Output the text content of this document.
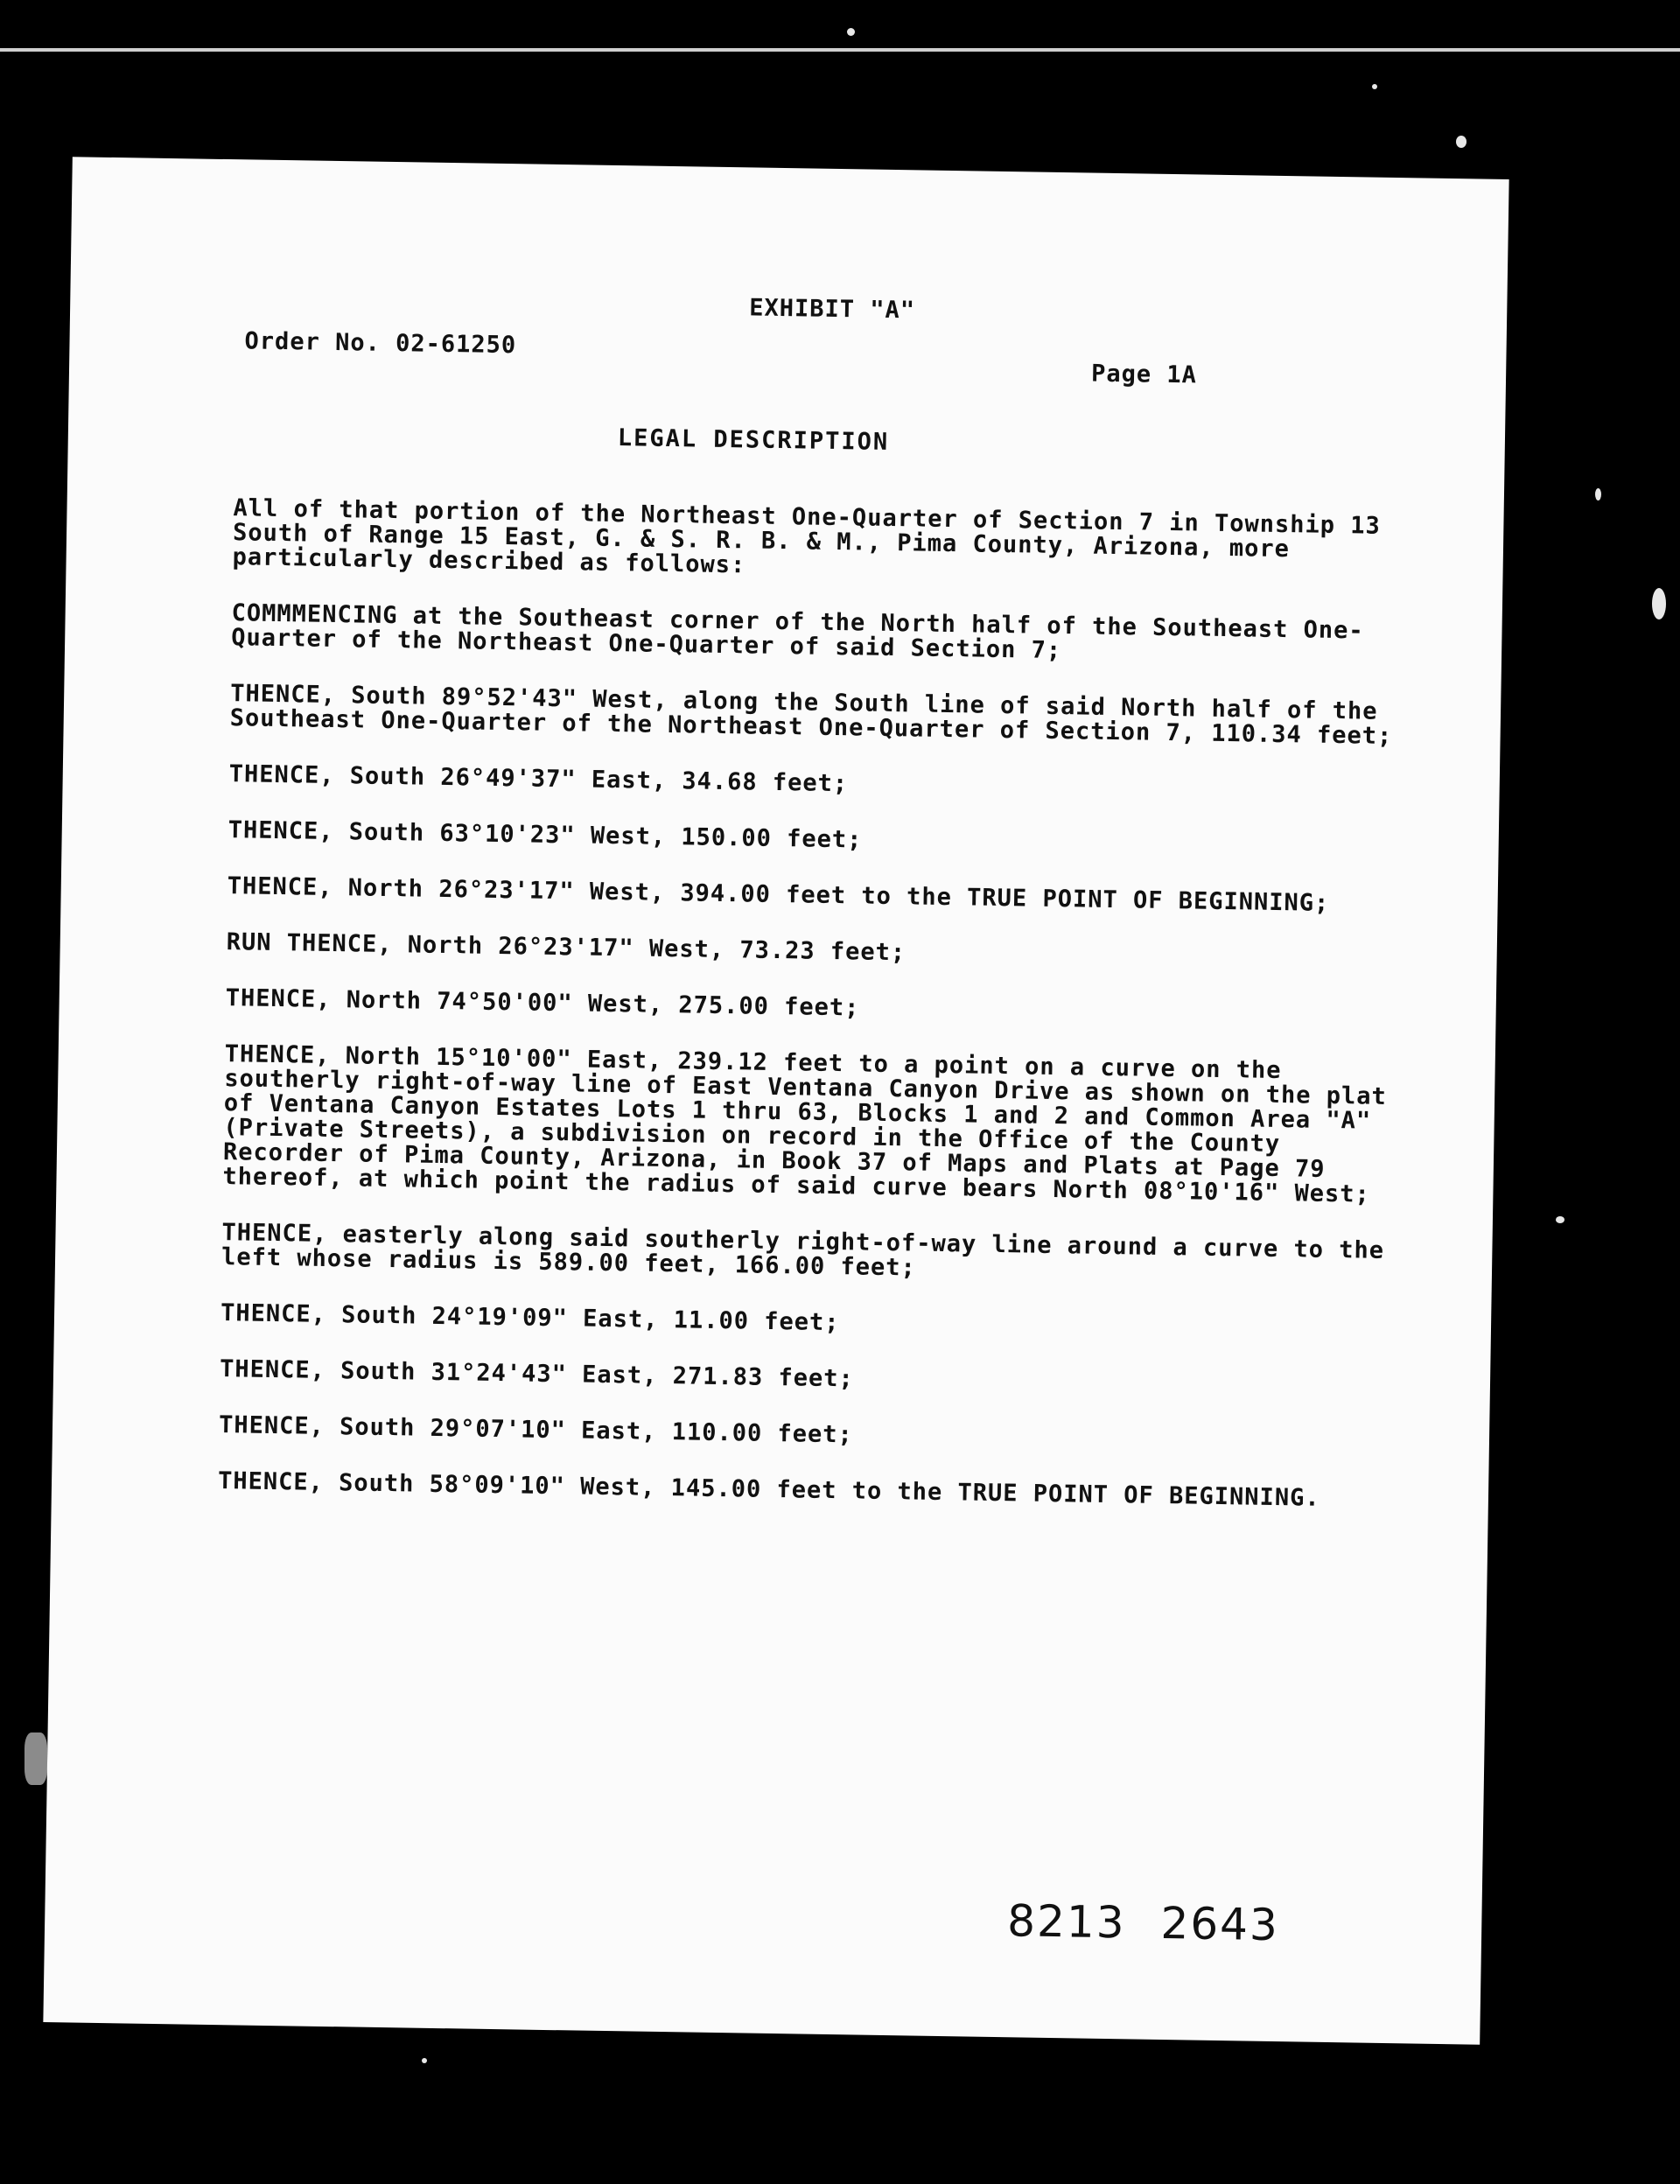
EXHIBIT "A"
Order No. 02-61250
Page 1A
LEGAL DESCRIPTION

All of that portion of the Northeast One-Quarter of Section 7 in Township 13 South of Range 15 East, G. & S. R. B. & M., Pima County, Arizona, more particularly described as follows:

COMMMENCING at the Southeast corner of the North half of the Southeast One-Quarter of the Northeast One-Quarter of said Section 7;

THENCE, South 89°52'43" West, along the South line of said North half of the Southeast One-Quarter of the Northeast One-Quarter of Section 7, 110.34 feet;

THENCE, South 26°49'37" East, 34.68 feet;

THENCE, South 63°10'23" West, 150.00 feet;

THENCE, North 26°23'17" West, 394.00 feet to the TRUE POINT OF BEGINNING;

RUN THENCE, North 26°23'17" West, 73.23 feet;

THENCE, North 74°50'00" West, 275.00 feet;

THENCE, North 15°10'00" East, 239.12 feet to a point on a curve on the southerly right-of-way line of East Ventana Canyon Drive as shown on the plat of Ventana Canyon Estates Lots 1 thru 63, Blocks 1 and 2 and Common Area "A" (Private Streets), a subdivision on record in the Office of the County Recorder of Pima County, Arizona, in Book 37 of Maps and Plats at Page 79 thereof, at which point the radius of said curve bears North 08°10'16" West;

THENCE, easterly along said southerly right-of-way line around a curve to the left whose radius is 589.00 feet, 166.00 feet;

THENCE, South 24°19'09" East, 11.00 feet;

THENCE, South 31°24'43" East, 271.83 feet;

THENCE, South 29°07'10" East, 110.00 feet;

THENCE, South 58°09'10" West, 145.00 feet to the TRUE POINT OF BEGINNING.

8213 2643
